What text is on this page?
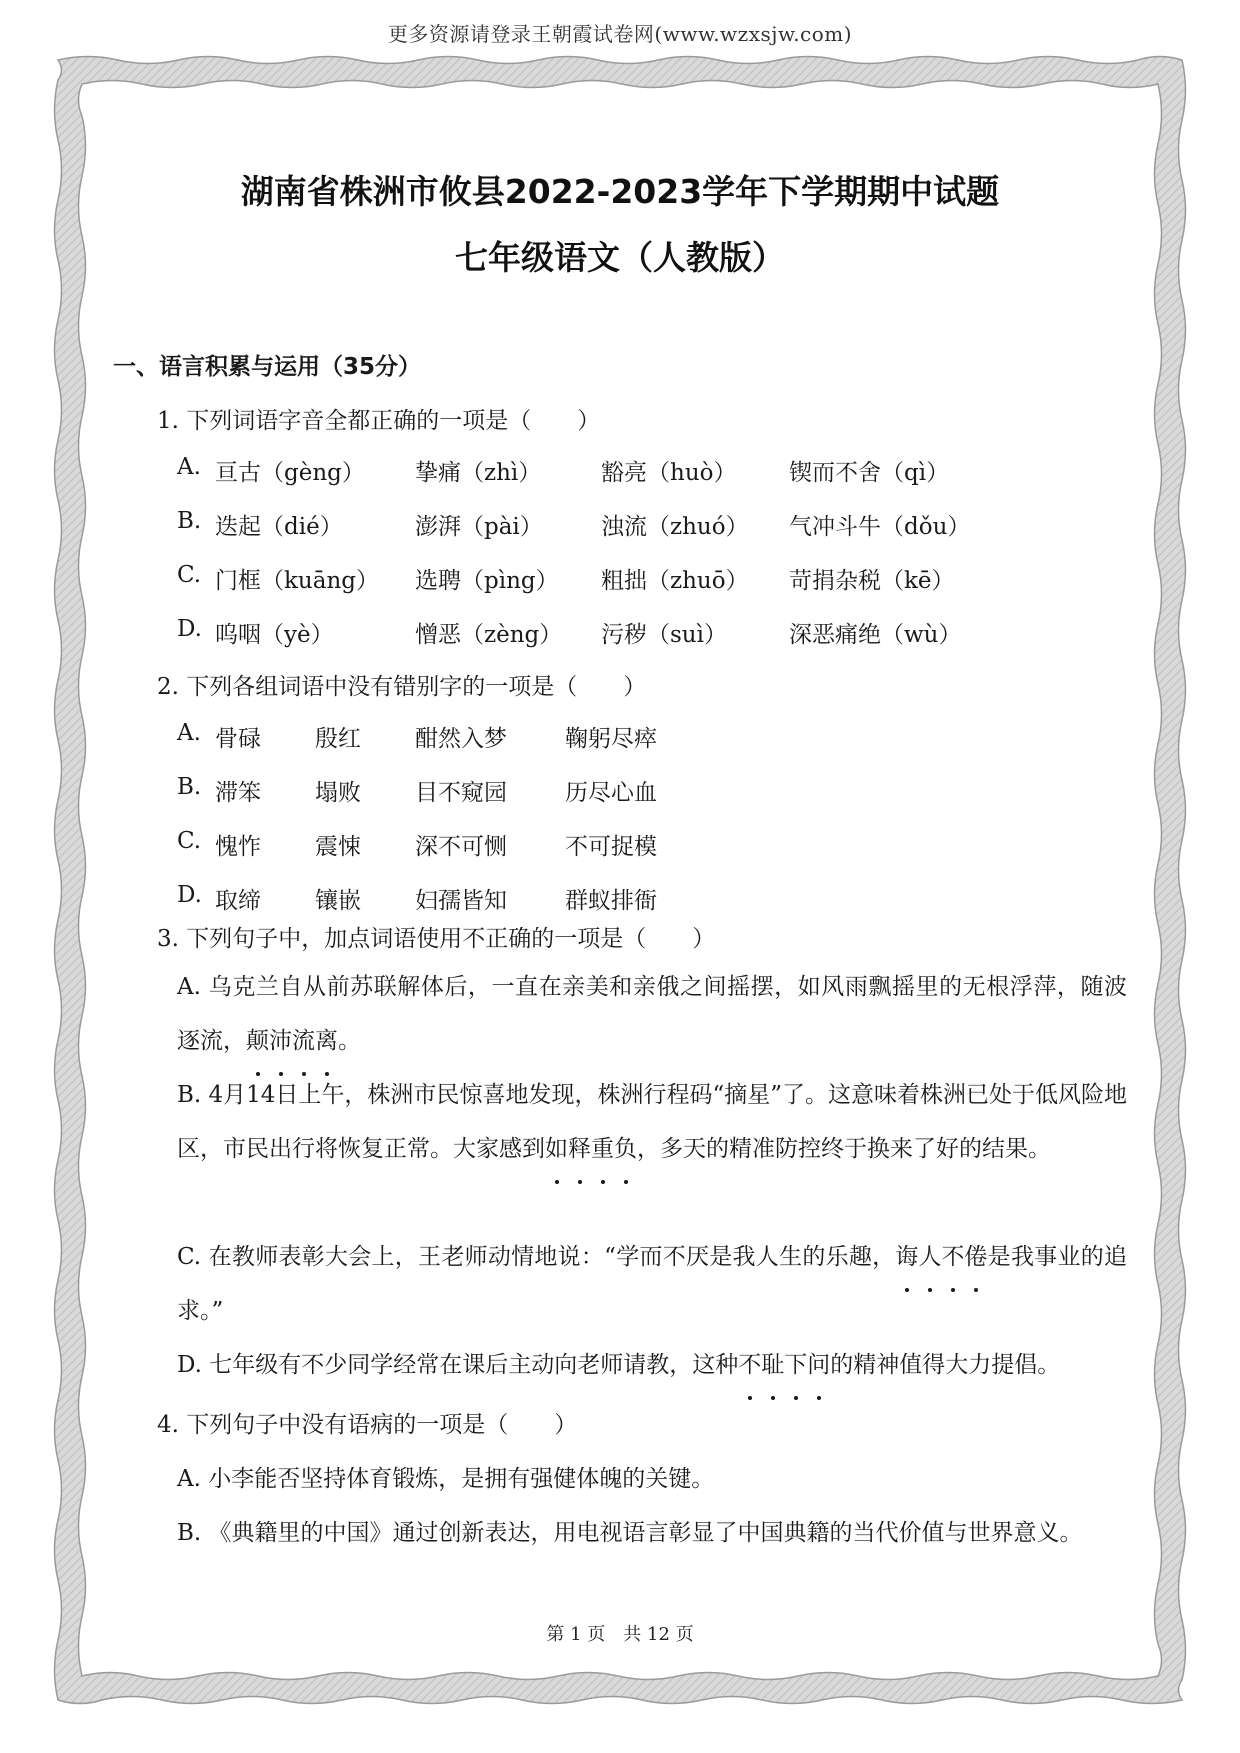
更多资源请登录王朝霞试卷网(www.wzxsjw.com)
湖南省株洲市攸县2022-2023学年下学期期中试题
七年级语文（人教版）
一、语言积累与运用（35分）
1. 下列词语字音全都正确的一项是（　　）
A. 亘古（gèng） 挚痛（zhì）	豁亮（huò） 锲而不舍（qì）
B. 迭起（dié）	澎湃（pài）	浊流（zhuó） 气冲斗牛（dǒu）
C. 门框（kuāng） 选聘（pìng） 粗拙（zhuō） 苛捐杂税（kē）
D. 呜咽（yè）	憎恶（zèng） 污秽（suì）	深恶痛绝（wù）
2. 下列各组词语中没有错别字的一项是（　　）
A. 骨碌 殷红 酣然入梦	鞠躬尽瘁
B. 滞笨 塌败 目不窥园	历尽心血
C. 愧怍 震悚 深不可恻	不可捉模
D. 取缔 镶嵌 妇孺皆知	群蚁排衙
3. 下列句子中，加点词语使用不正确的一项是（　　）
A. 乌克兰自从前苏联解体后，一直在亲美和亲俄之间摇摆，如风雨飘摇里的无根浮萍，随波逐流，颠沛流离。
B. 4月14日上午，株洲市民惊喜地发现，株洲行程码“摘星”了。这意味着株洲已处于低风险地区，市民出行将恢复正常。大家感到如释重负，多天的精准防控终于换来了好的结果。
C. 在教师表彰大会上，王老师动情地说：“学而不厌是我人生的乐趣，诲人不倦是我事业的追求。”
D. 七年级有不少同学经常在课后主动向老师请教，这种不耻下问的精神值得大力提倡。
4. 下列句子中没有语病的一项是（　　）
A. 小李能否坚持体育锻炼，是拥有强健体魄的关键。
B. 《典籍里的中国》通过创新表达，用电视语言彰显了中国典籍的当代价值与世界意义。
第 1 页　共 12 页
